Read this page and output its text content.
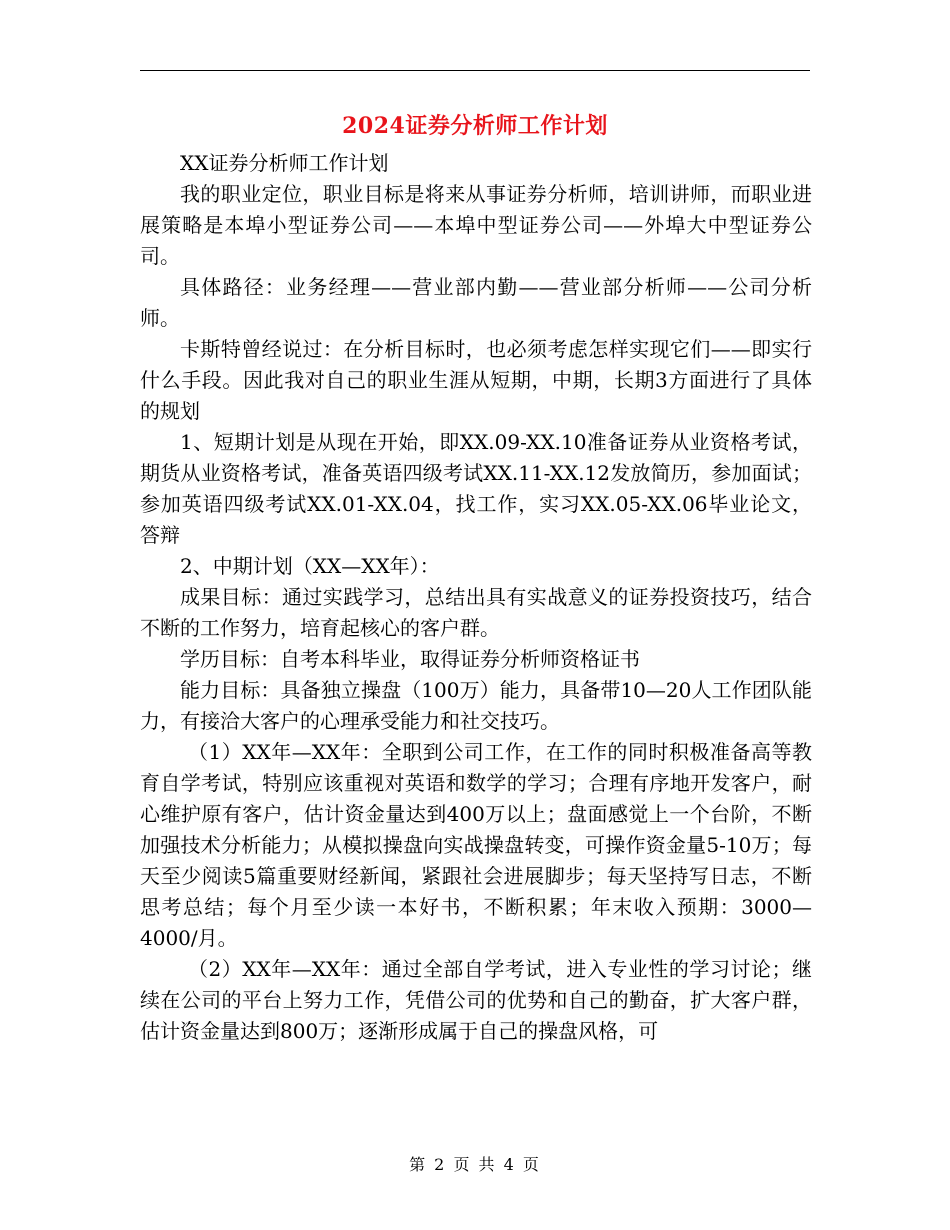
2024证券分析师工作计划

XX证券分析师工作计划

我的职业定位，职业目标是将来从事证券分析师，培训讲师，而职业进展策略是本埠小型证券公司——本埠中型证券公司——外埠大中型证券公司。

具体路径：业务经理——营业部内勤——营业部分析师——公司分析师。

卡斯特曾经说过：在分析目标时，也必须考虑怎样实现它们——即实行什么手段。因此我对自己的职业生涯从短期，中期，长期3方面进行了具体的规划

1、短期计划是从现在开始，即XX.09-XX.10准备证券从业资格考试，期货从业资格考试，准备英语四级考试XX.11-XX.12发放简历，参加面试；参加英语四级考试XX.01-XX.04，找工作，实习XX.05-XX.06毕业论文，答辩

2、中期计划（XX—XX年）：

成果目标：通过实践学习，总结出具有实战意义的证券投资技巧，结合不断的工作努力，培育起核心的客户群。

学历目标：自考本科毕业，取得证券分析师资格证书

能力目标：具备独立操盘（100万）能力，具备带10—20人工作团队能力，有接洽大客户的心理承受能力和社交技巧。

（1）XX年—XX年：全职到公司工作，在工作的同时积极准备高等教育自学考试，特别应该重视对英语和数学的学习；合理有序地开发客户，耐心维护原有客户，估计资金量达到400万以上；盘面感觉上一个台阶，不断加强技术分析能力；从模拟操盘向实战操盘转变，可操作资金量5-10万；每天至少阅读5篇重要财经新闻，紧跟社会进展脚步；每天坚持写日志，不断思考总结；每个月至少读一本好书，不断积累；年末收入预期：3000—4000/月。

（2）XX年—XX年：通过全部自学考试，进入专业性的学习讨论；继续在公司的平台上努力工作，凭借公司的优势和自己的勤奋，扩大客户群，估计资金量达到800万；逐渐形成属于自己的操盘风格，可

第 2 页 共 4 页
